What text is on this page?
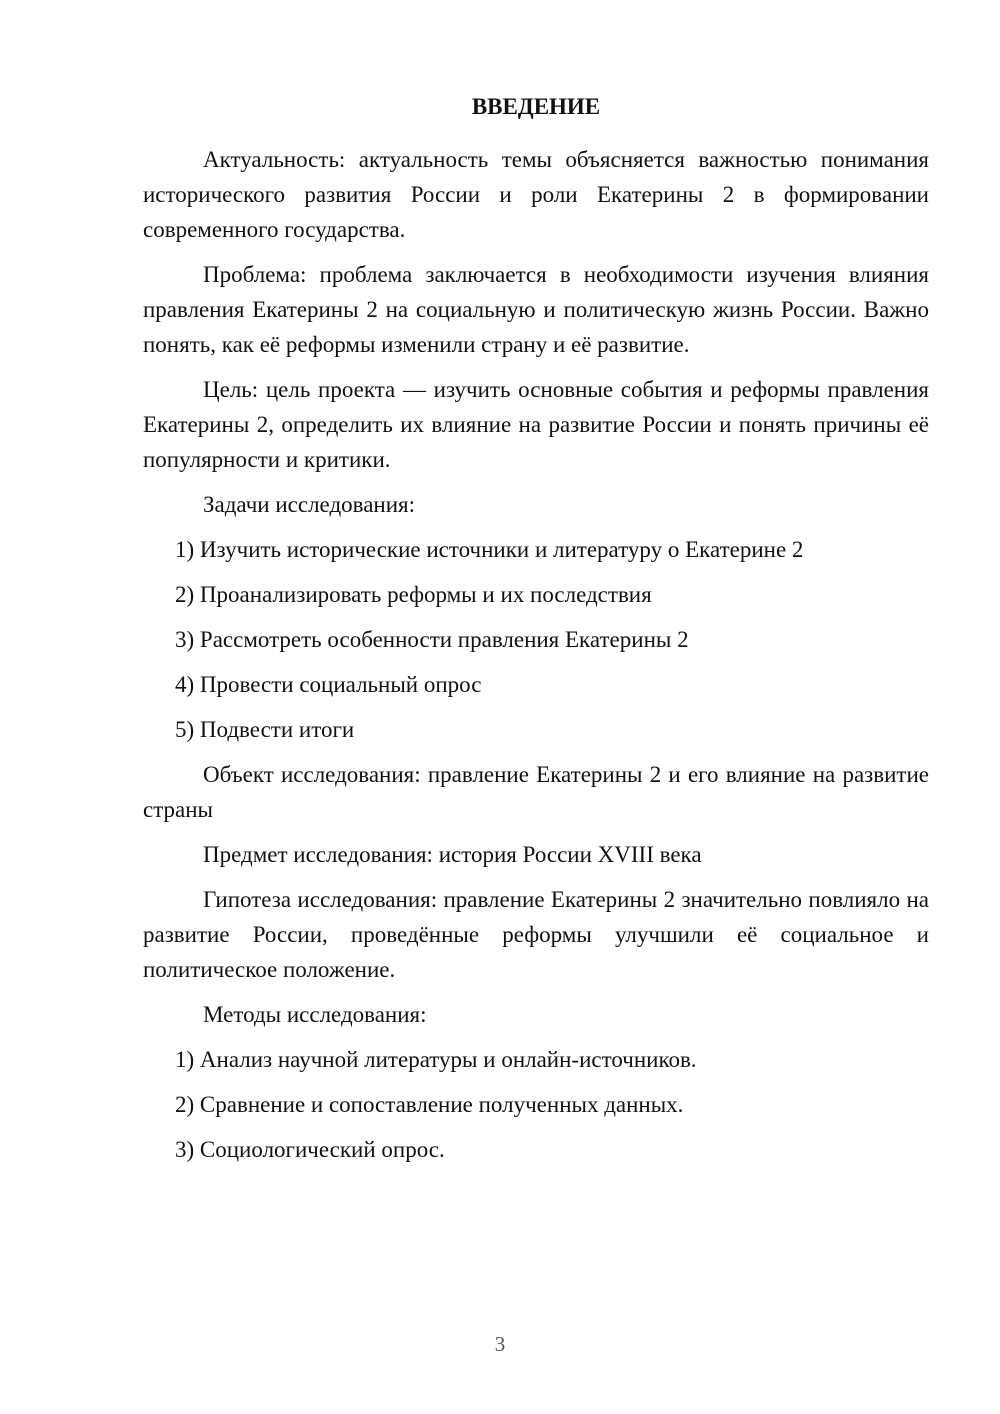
ВВЕДЕНИЕ

Актуальность: актуальность темы объясняется важностью понимания исторического развития России и роли Екатерины 2 в формировании современного государства.

Проблема: проблема заключается в необходимости изучения влияния правления Екатерины 2 на социальную и политическую жизнь России. Важно понять, как её реформы изменили страну и её развитие.

Цель: цель проекта — изучить основные события и реформы правления Екатерины 2, определить их влияние на развитие России и понять причины её популярности и критики.

Задачи исследования:
1) Изучить исторические источники и литературу о Екатерине 2
2) Проанализировать реформы и их последствия
3) Рассмотреть особенности правления Екатерины 2
4) Провести социальный опрос
5) Подвести итоги

Объект исследования: правление Екатерины 2 и его влияние на развитие страны

Предмет исследования: история России XVIII века

Гипотеза исследования: правление Екатерины 2 значительно повлияло на развитие России, проведённые реформы улучшили её социальное и политическое положение.

Методы исследования:
1) Анализ научной литературы и онлайн-источников.
2) Сравнение и сопоставление полученных данных.
3) Социологический опрос.
3
